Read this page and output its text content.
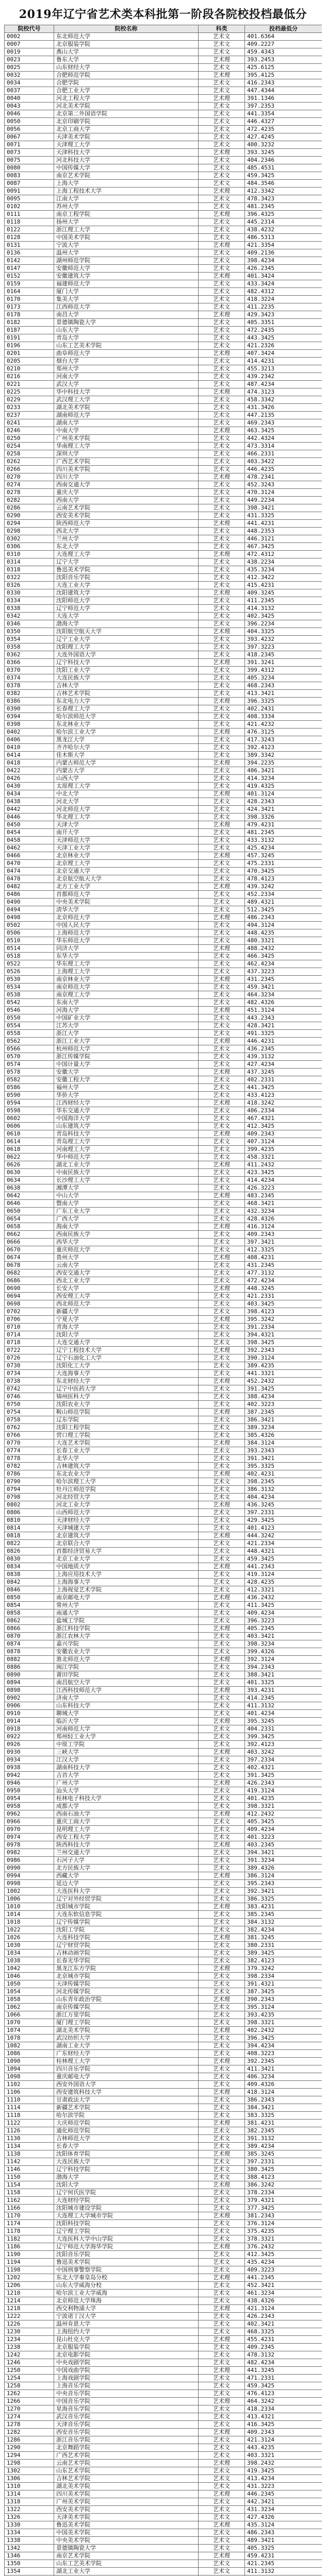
2019年辽宁省艺术类本科批第一阶段各院校投档最低分
院校代号	院校名称	科类	投档最低分
0002	东北师范大学	艺术文	401.6364
0007	北京服装学院	艺术文	409.2227
0019	燕山大学	艺术文	459.4343
0023	鲁东大学	艺术理	393.2453
0025	山东财经大学	艺术文	425.6125
0032	合肥师范学院	艺术理	395.4125
0034	合肥学院	艺术文	416.2343
0037	合肥工业大学	艺术文	447.4344
0040	河北工程大学	艺术理	391.1346
0043	河北美术学院	艺术文	397.2353
0046	北京第二外国语学院	艺术文	441.3354
0050	北京印刷学院	艺术文	446.4327
0056	北京工商大学	艺术文	472.4235
0067	天津美术学院	艺术文	427.4245
0071	天津理工大学	艺术文	400.3232
0073	天津科技大学	艺术理	393.3245
0075	河北科技大学	艺术文	404.2346
0080	中国传媒大学	艺术文	485.4531
0083	南京艺术学院	艺术文	459.3425
0087	上海大学	艺术文	484.3546
0091	上海工程技术大学	艺术理	412.3342
0095	江南大学	艺术文	478.3423
0102	苏州大学	艺术文	481.2345
0111	南京工程学院	艺术理	396.4325
0118	扬州大学	艺术文	445.2314
0122	浙江理工大学	艺术文	438.4232
0128	中国美术学院	艺术文	486.5313
0131	宁波大学	艺术理	421.3354
0136	温州大学	艺术文	409.2136
0142	湖州师范学院	艺术文	398.4234
0147	安徽师范大学	艺术文	426.2345
0152	安徽建筑大学	艺术理	401.3424
0159	福建师范大学	艺术文	433.3424
0164	厦门大学	艺术文	482.4312
0170	集美大学	艺术文	418.3224
0173	江西师范大学	艺术文	411.2235
0178	南昌大学	艺术理	429.3423
0182	景德镇陶瓷大学	艺术文	405.3351
0187	山东大学	艺术文	472.2435
0191	青岛大学	艺术文	443.3425
0196	山东工艺美术学院	艺术文	421.2326
0201	曲阜师范大学	艺术理	407.3424
0205	烟台大学	艺术文	414.4231
0210	郑州大学	艺术文	455.3213
0216	河南大学	艺术文	439.2342
0221	武汉大学	艺术文	487.4234
0225	华中科技大学	艺术理	474.3123
0229	武汉理工大学	艺术文	458.3342
0233	湖北美术学院	艺术文	431.3426
0237	湖南师范大学	艺术文	447.2135
0241	湖南大学	艺术文	469.2343
0246	中南大学	艺术理	463.3425
0250	广州美术学院	艺术文	442.4324
0254	华南理工大学	艺术文	473.3314
0258	深圳大学	艺术文	466.2331
0262	广西艺术学院	艺术文	403.3422
0266	四川美术学院	艺术文	446.4235
0270	四川大学	艺术理	478.2341
0274	西南交通大学	艺术文	452.3243
0278	重庆大学	艺术文	470.3124
0282	西南大学	艺术文	449.2234
0286	云南艺术学院	艺术文	398.3421
0290	西安美术学院	艺术文	431.3325
0294	陕西师范大学	艺术理	441.4231
0298	西北大学	艺术文	448.2353
0302	兰州大学	艺术文	446.3121
0306	东北大学	艺术文	467.3425
0310	大连理工大学	艺术理	472.4312
0314	辽宁大学	艺术文	438.2234
0318	鲁迅美术学院	艺术文	435.3234
0322	沈阳音乐学院	艺术文	412.3422
0326	大连工业大学	艺术文	415.4231
0330	沈阳建筑大学	艺术理	409.3245
0334	沈阳师范大学	艺术文	411.2345
0338	辽宁师范大学	艺术文	414.3132
0342	大连大学	艺术文	402.3425
0346	渤海大学	艺术文	396.2234
0350	沈阳航空航天大学	艺术理	404.3325
0354	辽宁工业大学	艺术文	393.4232
0358	沈阳理工大学	艺术文	397.3223
0362	大连外国语大学	艺术文	418.2345
0366	辽宁科技大学	艺术理	391.3241
0370	沈阳工业大学	艺术文	399.4312
0374	大连民族大学	艺术文	405.3234
0378	吉林大学	艺术文	468.2343
0382	吉林艺术学院	艺术文	413.3421
0386	东北电力大学	艺术理	396.3325
0390	长春理工大学	艺术文	402.2431
0394	哈尔滨师范大学	艺术文	408.3334
0398	东北林业大学	艺术文	421.4232
0402	哈尔滨工业大学	艺术理	476.3125
0406	黑龙江大学	艺术文	417.3243
0410	齐齐哈尔大学	艺术文	392.4123
0414	佳木斯大学	艺术文	389.3342
0418	内蒙古师范大学	艺术理	394.2235
0422	内蒙古大学	艺术文	406.3421
0426	山西大学	艺术文	414.3234
0430	太原理工大学	艺术文	419.4325
0434	中北大学	艺术理	401.3124
0438	河北大学	艺术文	428.2343
0442	河北师范大学	艺术文	424.3421
0446	华北理工大学	艺术文	398.3326
0450	天津大学	艺术理	479.4231
0454	南开大学	艺术文	481.2345
0458	天津师范大学	艺术文	433.3132
0462	天津工业大学	艺术文	425.4234
0466	北京林业大学	艺术理	457.3245
0470	北京理工大学	艺术文	475.2331
0474	北京交通大学	艺术文	470.3425
0478	北京航空航天大学	艺术文	478.4123
0482	北方工业大学	艺术理	439.3242
0486	首都师范大学	艺术文	452.2334
0490	中央美术学院	艺术文	489.4321
0494	清华大学	艺术文	512.3425
0498	北京师范大学	艺术理	486.2343
0502	中国人民大学	艺术文	494.3124
0506	上海师范大学	艺术文	448.4235
0510	华东师范大学	艺术文	480.3321
0514	同济大学	艺术理	488.2432
0518	东华大学	艺术文	466.3425
0522	华东理工大学	艺术文	462.4234
0526	上海理工大学	艺术文	437.3223
0530	南京林业大学	艺术理	431.2345
0534	南京师范大学	艺术文	459.3421
0538	南京理工大学	艺术文	464.3234
0542	东南大学	艺术文	482.4326
0546	河海大学	艺术理	451.3124
0550	中国矿业大学	艺术文	443.2343
0554	江苏大学	艺术文	428.3421
0558	浙江大学	艺术文	491.3325
0562	浙江工业大学	艺术理	446.4231
0566	杭州师范大学	艺术文	436.2345
0570	浙江传媒学院	艺术文	439.3132
0574	中国计量大学	艺术文	427.4234
0578	安徽大学	艺术理	437.3245
0582	安徽工程大学	艺术文	402.2331
0586	福州大学	艺术文	441.3425
0590	华侨大学	艺术文	433.4123
0594	江西财经大学	艺术理	418.3242
0598	华东交通大学	艺术文	406.2334
0602	中国海洋大学	艺术文	467.4321
0606	山东建筑大学	艺术文	412.3425
0610	青岛科技大学	艺术理	409.2343
0614	青岛理工大学	艺术文	407.3124
0618	河南理工大学	艺术文	399.4235
0622	华中师范大学	艺术文	458.3321
0626	湖北工业大学	艺术理	411.2432
0630	中南民族大学	艺术文	423.3425
0634	长沙理工大学	艺术文	414.4234
0638	湘潭大学	艺术文	426.3223
0642	中山大学	艺术理	483.2345
0646	暨南大学	艺术文	468.3421
0650	广东工业大学	艺术文	432.3234
0654	广西大学	艺术文	428.4326
0658	海南大学	艺术理	416.3124
0662	西南民族大学	艺术文	409.2343
0666	西华大学	艺术文	397.3421
0670	重庆师范大学	艺术文	412.3325
0674	贵州大学	艺术理	408.4231
0678	云南大学	艺术文	431.2345
0682	西安交通大学	艺术文	477.3132
0686	西北工业大学	艺术文	472.4234
0690	长安大学	艺术理	448.3245
0694	西安理工大学	艺术文	421.2331
0698	西北师范大学	艺术文	403.3425
0702	新疆大学	艺术文	398.4123
0706	宁夏大学	艺术理	395.3242
0710	青海大学	艺术文	391.2334
0714	沈阳大学	艺术文	394.4321
0718	大连交通大学	艺术文	398.3425
0722	辽宁工程技术大学	艺术理	392.2343
0726	辽宁石油化工大学	艺术文	390.3124
0730	沈阳化工大学	艺术文	389.4235
0734	大连海事大学	艺术文	441.3321
0738	东北财经大学	艺术理	452.2432
0742	辽宁中医药大学	艺术文	391.3425
0746	锦州医科大学	艺术文	388.4234
0750	沈阳农业大学	艺术文	402.3223
0754	鞍山师范学院	艺术理	387.2345
0758	辽东学院	艺术文	386.3421
0762	沈阳工程学院	艺术文	389.3234
0766	营口理工学院	艺术文	385.4326
0770	大连艺术学院	艺术理	384.3124
0774	长春工业大学	艺术文	393.2343
0778	北华大学	艺术文	391.3421
0782	吉林建筑大学	艺术文	395.3325
0786	东北农业大学	艺术理	402.4231
0790	哈尔滨理工大学	艺术文	398.2345
0794	牡丹江师范学院	艺术文	386.3132
0798	河北经贸大学	艺术文	404.4234
0802	河北工业大学	艺术理	436.3245
0806	山西师范大学	艺术文	397.2331
0810	天津财经大学	艺术文	429.3425
0814	天津城建大学	艺术文	401.4123
0818	北京建筑大学	艺术理	444.3242
0822	北京联合大学	艺术文	421.2334
0826	首都经济贸易大学	艺术文	448.4321
0830	北京工业大学	艺术文	459.3425
0834	中国地质大学	艺术理	441.2343
0838	上海应用技术大学	艺术文	419.3124
0842	上海海事大学	艺术文	428.4235
0846	上海视觉艺术学院	艺术文	412.3321
0850	南京邮电大学	艺术理	436.2432
0854	常州大学	艺术文	411.3425
0858	南通大学	艺术文	409.4234
0862	盐城工学院	艺术文	396.3223
0866	浙江科技学院	艺术理	405.2345
0870	浙江农林大学	艺术文	403.3421
0874	嘉兴学院	艺术文	398.3234
0878	安徽农业大学	艺术文	399.4326
0882	淮北师范大学	艺术理	392.3124
0886	闽江学院	艺术文	394.2343
0890	莆田学院	艺术文	388.3421
0894	南昌航空大学	艺术文	401.3325
0898	江西科技师范大学	艺术理	393.4231
0902	济南大学	艺术文	414.2345
0906	山东科技大学	艺术文	411.3132
0910	聊城大学	艺术文	401.4234
0914	临沂大学	艺术理	395.3245
0918	河南师范大学	艺术文	404.2331
0922	郑州轻工业大学	艺术文	399.3425
0926	中原工学院	艺术文	392.4123
0930	三峡大学	艺术理	403.3242
0934	江汉大学	艺术文	397.2334
0938	湖南科技大学	艺术文	402.4321
0942	吉首大学	艺术文	391.3425
0946	广州大学	艺术理	426.2343
0950	汕头大学	艺术文	419.3124
0954	桂林电子科技大学	艺术文	401.4235
0958	成都大学	艺术文	398.3321
0962	西南石油大学	艺术理	412.2432
0966	重庆工商大学	艺术文	405.3425
0970	昆明理工大学	艺术文	409.4234
0974	西安工程大学	艺术文	401.3223
0978	陕西科技大学	艺术理	403.2345
0982	兰州交通大学	艺术文	394.3421
0986	石河子大学	艺术文	391.3234
0990	北方民族大学	艺术文	389.4326
0994	西藏大学	艺术理	386.3124
0998	延边大学	艺术文	395.2343
1002	大连医科大学	艺术文	392.3421
1006	辽宁对外经贸学院	艺术文	386.3325
1010	沈阳城市学院	艺术理	383.4231
1014	大连东软信息学院	艺术文	385.2345
1018	辽宁传媒学院	艺术文	384.3132
1022	沈阳工学院	艺术文	382.4234
1026	大连科技学院	艺术理	381.3245
1030	辽宁财贸学院	艺术文	380.2331
1034	吉林动画学院	艺术文	389.3425
1038	长春光华学院	艺术文	382.4123
1042	黑龙江东方学院	艺术理	379.3242
1046	北京城市学院	艺术文	398.2334
1050	天津传媒学院	艺术文	391.4321
1054	河北传媒学院	艺术文	387.3425
1058	山东青年政治学院	艺术理	390.2343
1062	南京传媒学院	艺术文	395.3124
1066	浙江万里学院	艺术文	393.4235
1070	厦门理工学院	艺术文	398.3321
1074	湖北美术学院	艺术理	402.2432
1078	武汉纺织大学	艺术文	396.3425
1082	湖南工业大学	艺术文	394.4234
1086	广东财经大学	艺术文	408.3223
1090	桂林理工大学	艺术理	392.2345
1094	四川音乐学院	艺术文	411.3421
1098	重庆邮电大学	艺术文	406.3234
1102	西安外国语大学	艺术文	409.4326
1106	西安建筑科技大学	艺术理	418.3124
1110	甘肃政法大学	艺术文	386.2343
1114	新疆艺术学院	艺术文	384.3421
1118	哈尔滨学院	艺术文	383.3325
1122	大庆师范学院	艺术理	381.4231
1126	通化师范学院	艺术文	382.2345
1130	吉林师范大学	艺术文	391.3132
1134	长春大学	艺术文	389.4234
1138	沈阳体育学院	艺术理	385.3245
1142	大连民族大学	艺术文	397.2331
1146	辽宁科技学院	艺术文	380.3425
1150	渤海大学	艺术文	388.4123
1154	沈阳大学	艺术理	386.3242
1158	辽宁何氏医学院	艺术文	378.2334
1162	大连财经学院	艺术文	379.4321
1166	沈阳城市建设学院	艺术文	377.3425
1170	大连理工大学城市学院	艺术理	381.2343
1174	沈阳科技学院	艺术文	376.3124
1178	辽宁理工学院	艺术文	375.4235
1182	大连医科大学中山学院	艺术文	378.3321
1186	辽宁师范大学海华学院	艺术理	376.2432
1190	沈阳音乐学院	艺术文	412.3425
1194	鲁迅美术学院	艺术文	435.4234
1198	中国刑事警察学院	艺术文	409.3223
1202	东北大学秦皇岛分校	艺术理	441.2345
1206	山东大学威海分校	艺术文	452.3421
1210	哈尔滨工业大学威海	艺术文	461.3234
1214	北京师范大学珠海	艺术文	438.4326
1218	西交利物浦大学	艺术理	421.3124
1222	宁波诺丁汉大学	艺术文	426.2343
1226	温州肯恩大学	艺术文	402.3421
1230	上海纽约大学	艺术文	468.3325
1234	昆山杜克大学	艺术理	455.4231
1238	北京服装学院	艺术文	409.2345
1242	北京电影学院	艺术文	478.3132
1246	中央戏剧学院	艺术文	482.4234
1250	中国戏曲学院	艺术理	441.3245
1254	上海戏剧学院	艺术文	471.2331
1258	上海音乐学院	艺术文	459.3425
1262	中央音乐学院	艺术文	476.4123
1266	中国音乐学院	艺术理	464.3242
1270	星海音乐学院	艺术文	418.2334
1274	武汉音乐学院	艺术文	413.4321
1278	天津音乐学院	艺术文	416.3425
1282	西安音乐学院	艺术理	409.2343
1286	浙江音乐学院	艺术文	421.3124
1290	北京舞蹈学院	艺术文	443.4235
1294	广西艺术学院	艺术文	403.3321
1298	云南艺术学院	艺术理	398.2432
1302	山东艺术学院	艺术文	419.3425
1306	吉林艺术学院	艺术文	413.4234
1310	湖北美术学院	艺术文	431.3223
1314	四川美术学院	艺术理	446.2345
1318	广州美术学院	艺术文	442.3421
1322	西安美术学院	艺术文	431.3234
1326	天津美术学院	艺术文	427.4326
1330	鲁迅美术学院	艺术理	435.3124
1334	中国美术学院	艺术文	486.2343
1338	中央美术学院	艺术文	489.3421
1342	景德镇陶瓷大学	艺术文	405.3325
1346	南京艺术学院	艺术理	459.4231
1350	山东工艺美术学院	艺术文	421.2345
1354	湖北工业大学	艺术文	411.3132
